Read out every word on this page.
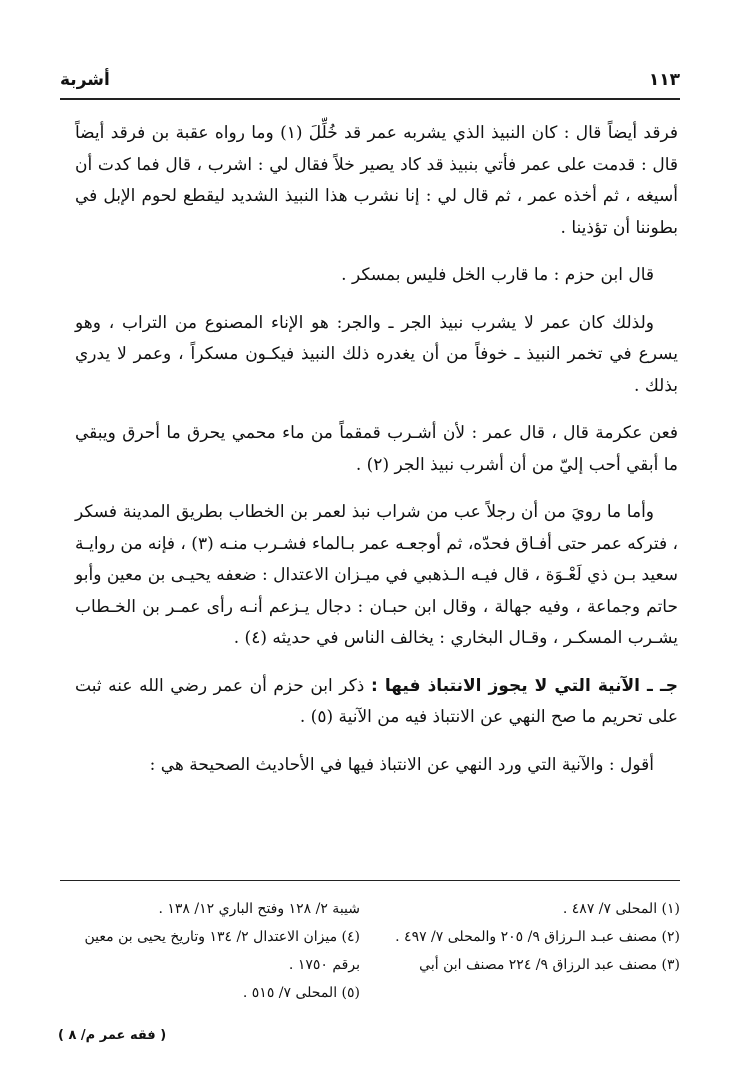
١١٣
أشربة

فرقد أيضاً قال : كان النبيذ الذي يشربه عمر قد خُلِّلَ (١) وما رواه عقبة بن فرقد أيضاً قال : قدمت على عمر فأتي بنبيذ قد كاد يصير خلاً فقال لي : اشرب ، قال فما كدت أن أسيغه ، ثم أخذه عمر ، ثم قال لي : إنا نشرب هذا النبيذ الشديد ليقطع لحوم الإبل في بطوننا أن تؤذينا .

قال ابن حزم : ما قارب الخل فليس بمسكر .

ولذلك كان عمر لا يشرب نبيذ الجر ـ والجر: هو الإناء المصنوع من التراب ، وهو يسرع في تخمر النبيذ ـ خوفاً من أن يغدره ذلك النبيذ فيكـون مسكراً ، وعمر لا يدري بذلك .

فعن عكرمة قال ، قال عمر : لأن أشـرب قمقماً من ماء محمي يحرق ما أحرق ويبقي ما أبقي أحب إليّ من أن أشرب نبيذ الجر (٢) .

وأما ما رويَ من أن رجلاً عب من شراب نبذ لعمر بن الخطاب بطريق المدينة فسكر ، فتركه عمر حتى أفـاق فحدّه، ثم أوجعـه عمر بـالماء فشـرب منـه (٣) ، فإنه من روايـة سعيد بـن ذي لَعْـوَة ، قال فيـه الـذهبي في ميـزان الاعتدال : ضعفه يحيـى بن معين وأبو حاتم وجماعة ، وفيه جهالة ، وقال ابن حبـان : دجال يـزعم أنـه رأى عمـر بن الخـطاب يشـرب المسكـر ، وقـال البخاري : يخالف الناس في حديثه (٤) .

جـ ـ الآنية التي لا يجوز الانتباذ فيها : ذكر ابن حزم أن عمر رضي الله عنه ثبت على تحريم ما صح النهي عن الانتباذ فيه من الآنية (٥) .

أقول : والآنية التي ورد النهي عن الانتباذ فيها في الأحاديث الصحيحة هي :

(١) المحلى ٧/ ٤٨٧ .
(٢) مصنف عبـد الـرزاق ٩/ ٢٠٥ والمحلى ٧/ ٤٩٧ .
(٣) مصنف عبد الرزاق ٩/ ٢٢٤ مصنف ابن أبي
شيبة ٢/ ١٢٨ وفتح الباري ١٢/ ١٣٨ .
(٤) ميزان الاعتدال ٢/ ١٣٤ وتاريخ يحيى بن معين برقم ١٧٥٠ .
(٥) المحلى ٧/ ٥١٥ .
( فقه عمر م/ ٨ )
